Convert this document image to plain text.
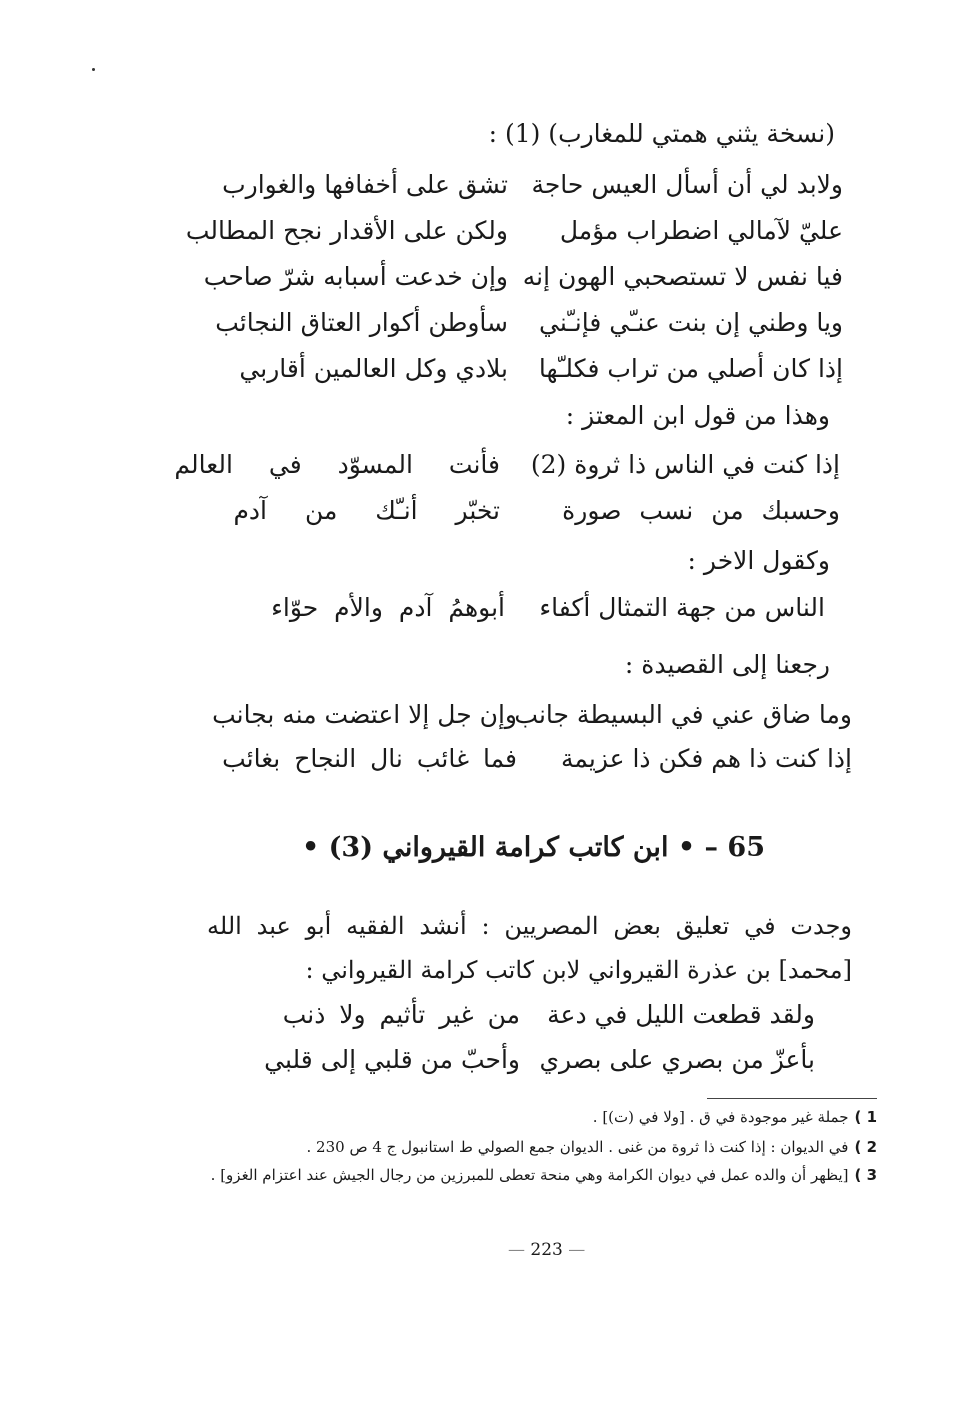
(نسخة يثني همتي للمغارب) (1) :
ولابد لي أن أسأل العيس حاجة
تشق على أخفافها والغوارب
عليّ لآمالي اضطراب مؤمل
ولكن على الأقدار نجح المطالب
فيا نفس لا تستصحبي الهون إنه
وإن خدعت أسبابه شرّ صاحب
ويا وطني إن بنت عنـّي فإنـّني
سأوطن أكوار العتاق النجائب
إذا كان أصلي من تراب فكلـّها
بلادي وكل العالمين أقاربي
وهذا من قول ابن المعتز :
إذا كنت في الناس ذا ثروة (2)
فأنت المسوّد في العالم
وحسبك من نسب صورة
تخبّر أنـّك من آدم
وكقول الاخر :
الناس من جهة التمثال أكفاء
أبوهمُ آدم والأم حوّاء
رجعنا إلى القصيدة :
وما ضاق عني في البسيطة جانب
وإن جل إلا اعتضت منه بجانب
إذا كنت ذا هم فكن ذا عزيمة
فما غائب نال النجاح بغائب
65 – • ابن كاتب كرامة القيرواني (3) •
وجدت في تعليق بعض المصريين : أنشد الفقيه أبو عبد الله [محمد] بن عذرة القيرواني لابن كاتب كرامة القيرواني :
ولقد قطعت الليل في دعة
من غير تأثيم ولا ذنب
بأعزّ من بصري على بصري
وأحبّ من قلبي إلى قلبي
1 )جملة غير موجودة في ق . [ولا في (ت)] .
2 )في الديوان : إذا كنت ذا ثروة من غنى . الديوان جمع الصولي ط استانبول ج 4 ص 230 .
3 )[يظهر أن والده عمل في ديوان الكرامة وهي منحة تعطى للمبرزين من رجال الجيش عند اعتزام الغزو] .
— 223 —
